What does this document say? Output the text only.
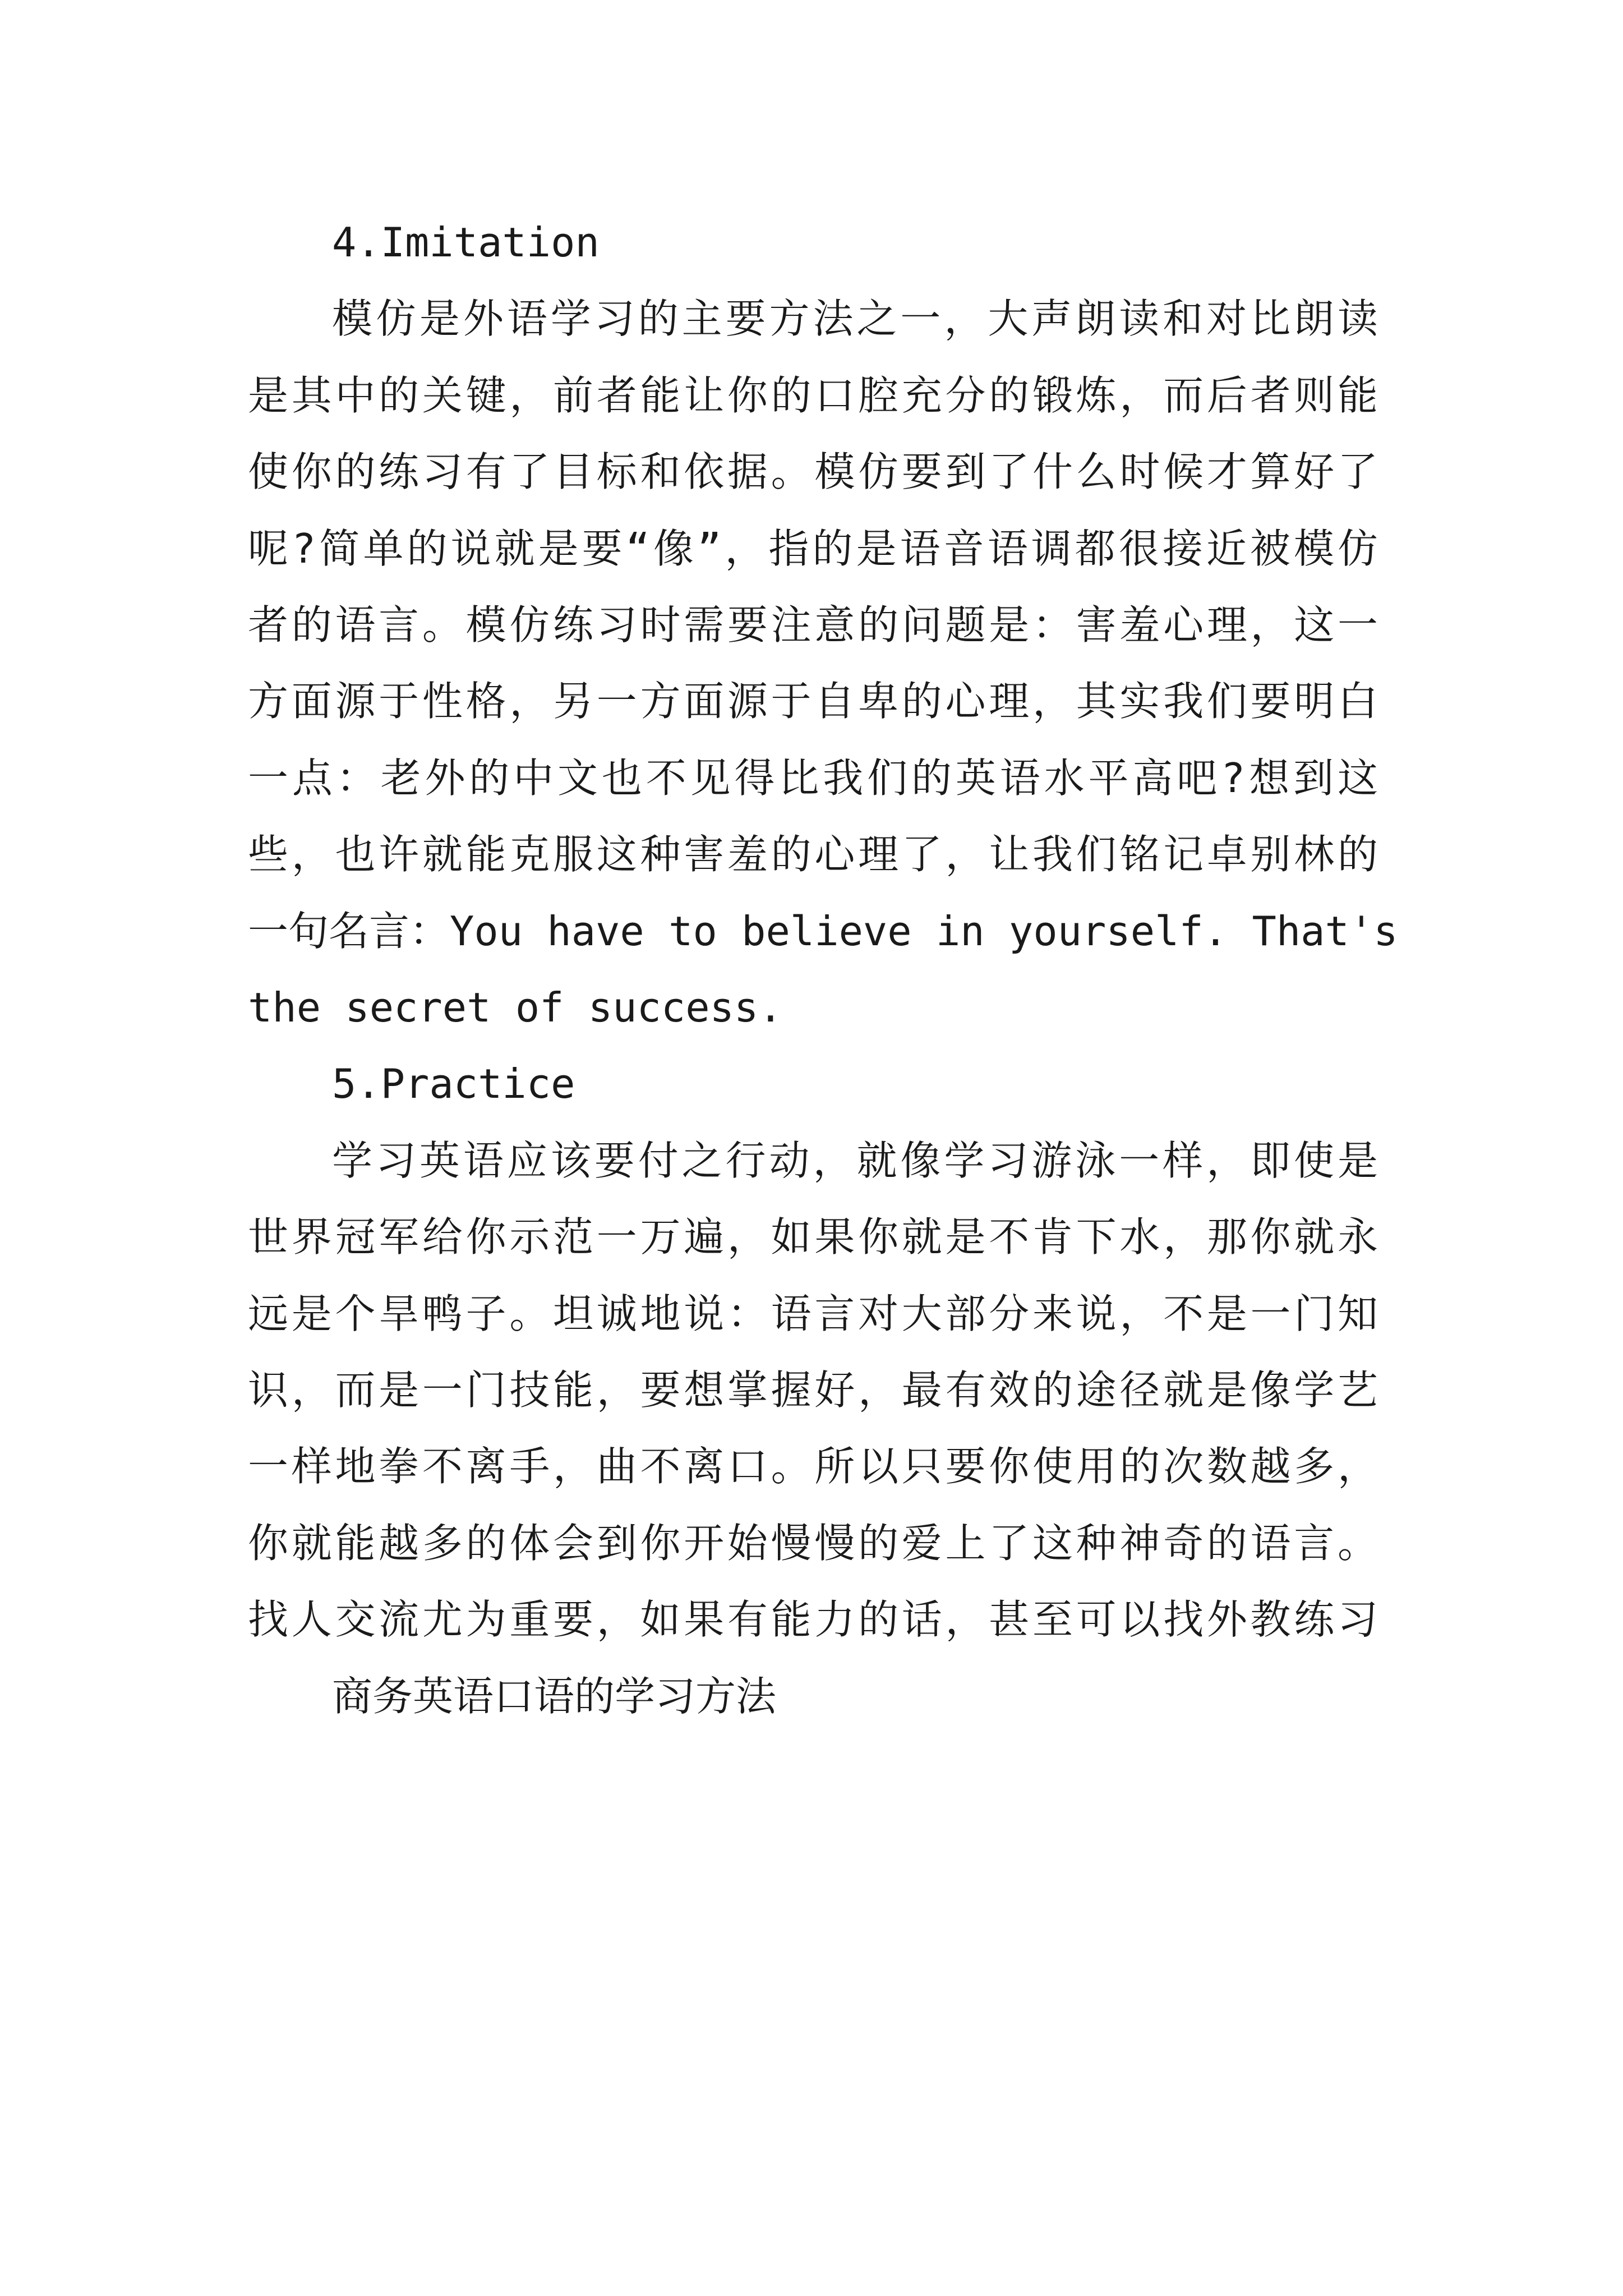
4.Imitation
模仿是外语学习的主要方法之一，大声朗读和对比朗读
是其中的关键，前者能让你的口腔充分的锻炼，而后者则能
使你的练习有了目标和依据。模仿要到了什么时候才算好了
呢?简单的说就是要“像”，指的是语音语调都很接近被模仿
者的语言。模仿练习时需要注意的问题是：害羞心理，这一
方面源于性格，另一方面源于自卑的心理，其实我们要明白
一点：老外的中文也不见得比我们的英语水平高吧?想到这
些，也许就能克服这种害羞的心理了，让我们铭记卓别林的
一句名言：You have to believe in yourself. That's
the secret of success.
5.Practice
学习英语应该要付之行动，就像学习游泳一样，即使是
世界冠军给你示范一万遍，如果你就是不肯下水，那你就永
远是个旱鸭子。坦诚地说：语言对大部分来说，不是一门知
识，而是一门技能，要想掌握好，最有效的途径就是像学艺
一样地拳不离手，曲不离口。所以只要你使用的次数越多，
你就能越多的体会到你开始慢慢的爱上了这种神奇的语言。
找人交流尤为重要，如果有能力的话，甚至可以找外教练习
商务英语口语的学习方法
